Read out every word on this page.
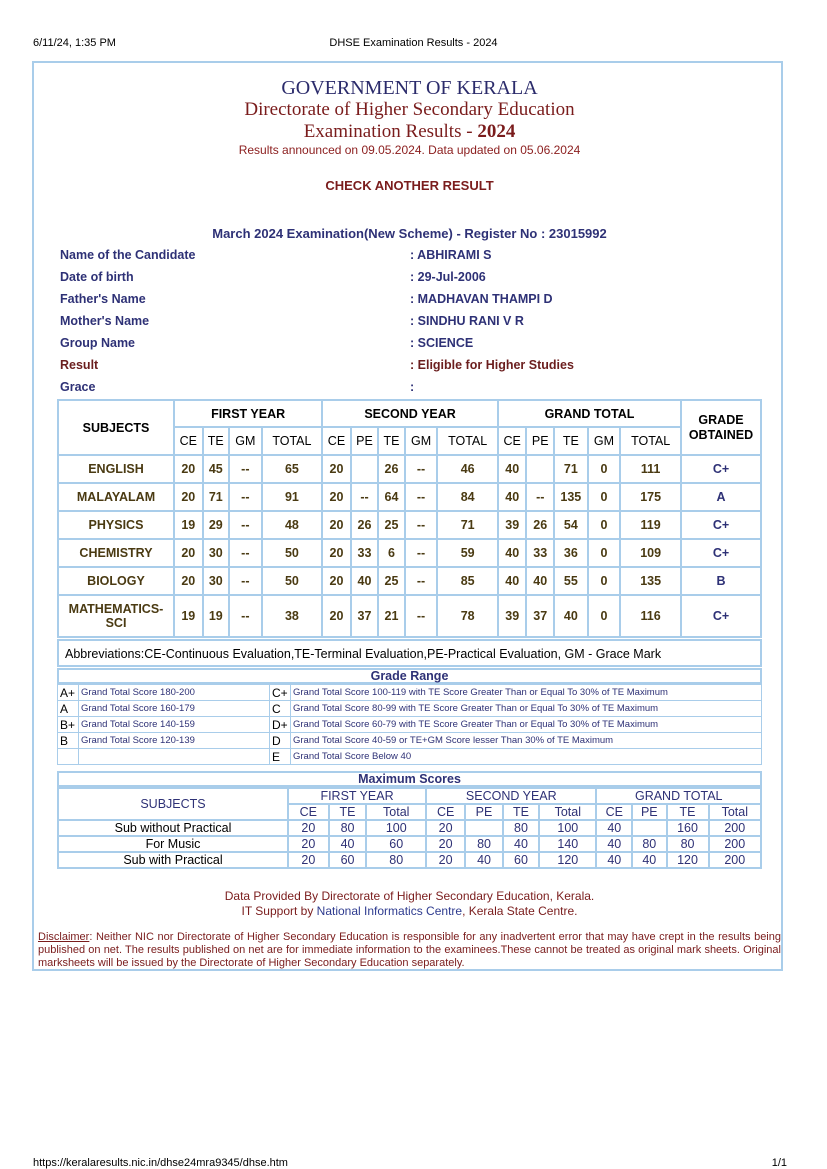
6/11/24, 1:35 PM	DHSE Examination Results - 2024
GOVERNMENT OF KERALA
Directorate of Higher Secondary Education
Examination Results - 2024
Results announced on 09.05.2024. Data updated on 05.06.2024
CHECK ANOTHER RESULT
March 2024 Examination(New Scheme) - Register No : 23015992
Name of the Candidate	: ABHIRAMI S
Date of birth	: 29-Jul-2006
Father's Name	: MADHAVAN THAMPI D
Mother's Name	: SINDHU RANI V R
Group Name	: SCIENCE
Result	: Eligible for Higher Studies
Grace	:
SUBJECTS	FIRST YEAR				SECOND YEAR					GRAND TOTAL					GRADE OBTAINED
	CE	TE	GM	TOTAL	CE	PE	TE	GM	TOTAL	CE	PE	TE	GM	TOTAL	
ENGLISH	20	45	--	65	20		26	--	46	40		71	0	111	C+
MALAYALAM	20	71	--	91	20	--	64	--	84	40	--	135	0	175	A
PHYSICS	19	29	--	48	20	26	25	--	71	39	26	54	0	119	C+
CHEMISTRY	20	30	--	50	20	33	6	--	59	40	33	36	0	109	C+
BIOLOGY	20	30	--	50	20	40	25	--	85	40	40	55	0	135	B
MATHEMATICS-SCI	19	19	--	38	20	37	21	--	78	39	37	40	0	116	C+
Abbreviations:CE-Continuous Evaluation,TE-Terminal Evaluation,PE-Practical Evaluation, GM - Grace Mark
Grade Range
A+	Grand Total Score 180-200	C+	Grand Total Score 100-119 with TE Score Greater Than or Equal To 30% of TE Maximum
A	Grand Total Score 160-179	C	Grand Total Score 80-99 with TE Score Greater Than or Equal To 30% of TE Maximum
B+	Grand Total Score 140-159	D+	Grand Total Score 60-79 with TE Score Greater Than or Equal To 30% of TE Maximum
B	Grand Total Score 120-139	D	Grand Total Score 40-59 or TE+GM Score lesser Than 30% of TE Maximum
		E	Grand Total Score Below 40
Maximum Scores
SUBJECTS	FIRST YEAR			SECOND YEAR				GRAND TOTAL			
	CE	TE	Total	CE	PE	TE	Total	CE	PE	TE	Total
Sub without Practical	20	80	100	20		80	100	40		160	200
For Music	20	40	60	20	80	40	140	40	80	80	200
Sub with Practical	20	60	80	20	40	60	120	40	40	120	200
Data Provided By Directorate of Higher Secondary Education, Kerala.
IT Support by National Informatics Centre, Kerala State Centre.
Disclaimer: Neither NIC nor Directorate of Higher Secondary Education is responsible for any inadvertent error that may have crept in the results being published on net. The results published on net are for immediate information to the examinees.These cannot be treated as original mark sheets. Original marksheets will be issued by the Directorate of Higher Secondary Education separately.
https://keralaresults.nic.in/dhse24mra9345/dhse.htm	1/1
